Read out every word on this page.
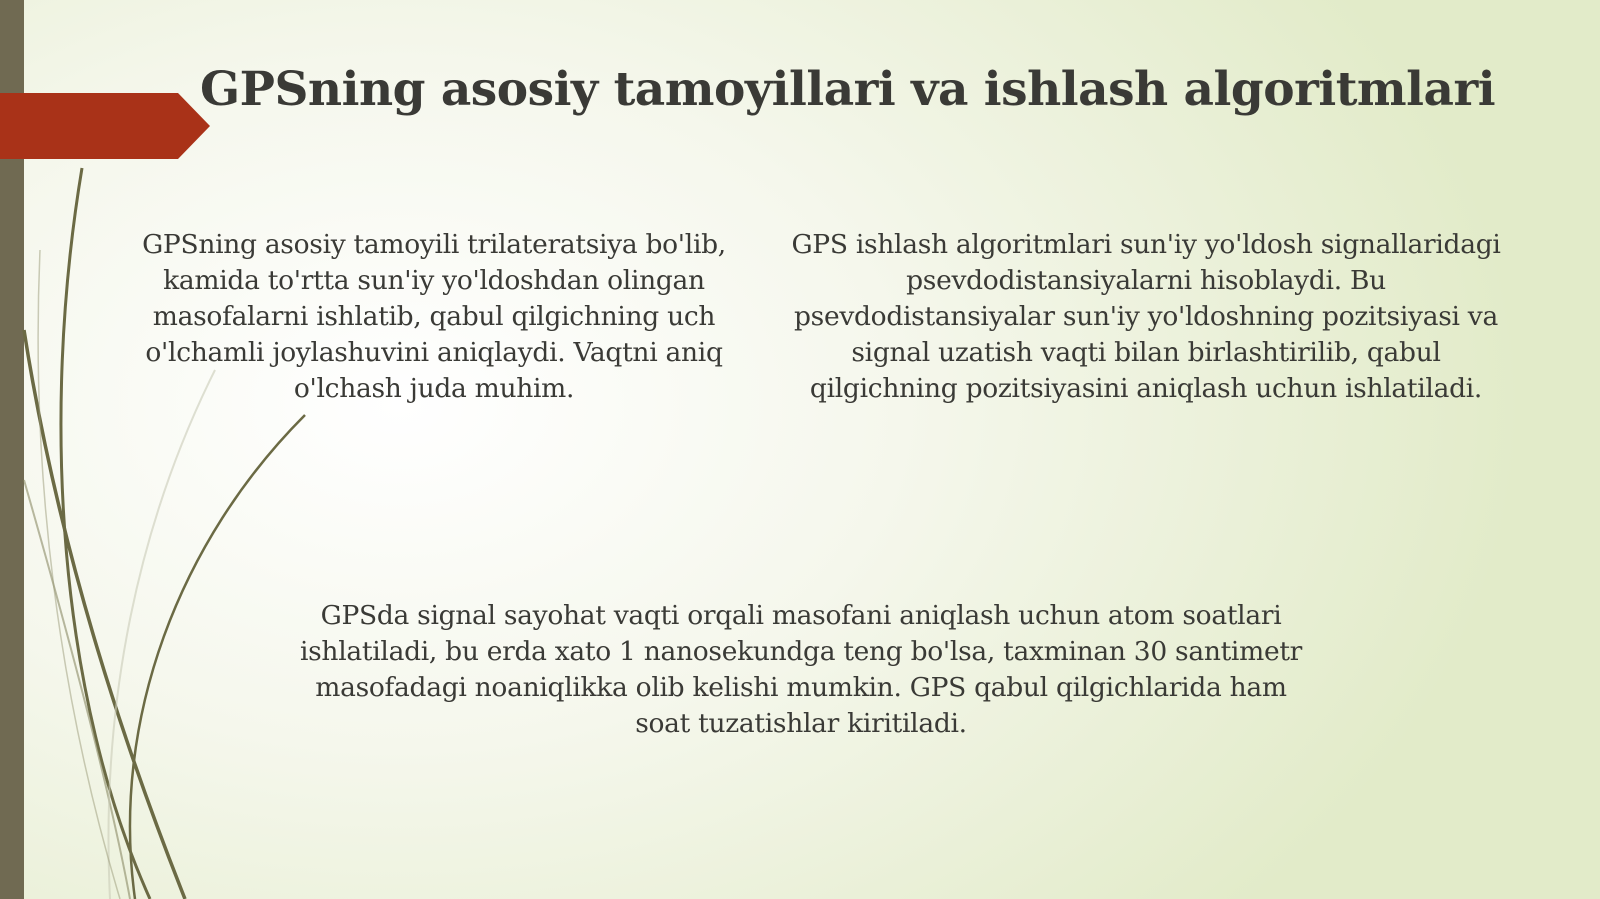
GPSning asosiy tamoyillari va ishlash algoritmlari

GPSning asosiy tamoyili trilateratsiya bo'lib, kamida to'rtta sun'iy yo'ldoshdan olingan masofalarni ishlatib, qabul qilgichning uch o'lchamli joylashuvini aniqlaydi. Vaqtni aniq o'lchash juda muhim.

GPS ishlash algoritmlari sun'iy yo'ldosh signallaridagi psevdodistansiyalarni hisoblaydi. Bu psevdodistansiyalar sun'iy yo'ldoshning pozitsiyasi va signal uzatish vaqti bilan birlashtirilib, qabul qilgichning pozitsiyasini aniqlash uchun ishlatiladi.

GPSda signal sayohat vaqti orqali masofani aniqlash uchun atom soatlari ishlatiladi, bu erda xato 1 nanosekundga teng bo'lsa, taxminan 30 santimetr masofadagi noaniqlikka olib kelishi mumkin. GPS qabul qilgichlarida ham soat tuzatishlar kiritiladi.
